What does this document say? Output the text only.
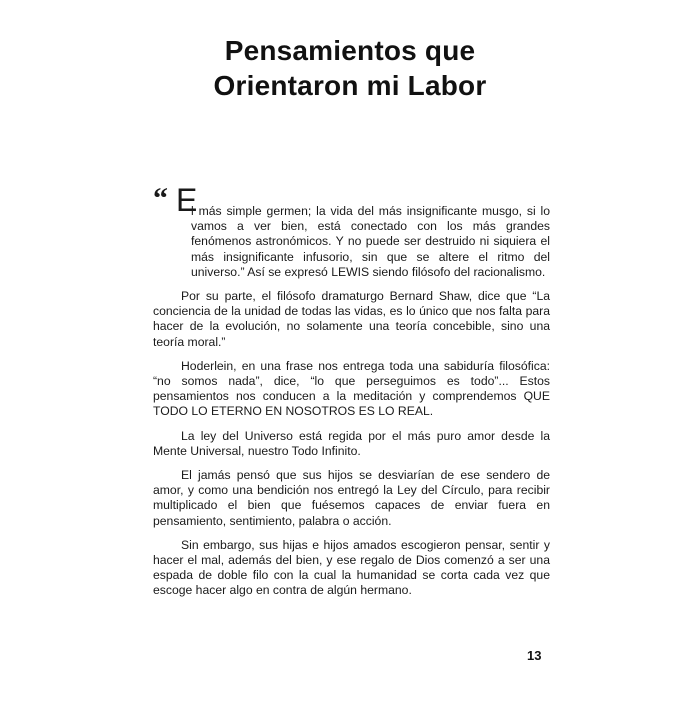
Pensamientos que
Orientaron mi Labor
“ E

l más simple germen; la vida del más insignificante musgo, si lo vamos a ver bien, está conectado con los más grandes fenómenos astronómicos. Y no puede ser destruido ni siquiera el más insignificante infusorio, sin que se altere el ritmo del universo.” Así se expresó LEWIS siendo filósofo del racionalismo.

Por su parte, el filósofo dramaturgo Bernard Shaw, dice que “La conciencia de la unidad de todas las vidas, es lo único que nos falta para hacer de la evolución, no solamente una teoría concebible, sino una teoría moral.”

Hoderlein, en una frase nos entrega toda una sabiduría filosófica: “no somos nada”, dice, “lo que perseguimos es todo”... Estos pensamientos nos conducen a la meditación y comprendemos QUE TODO LO ETERNO EN NOSOTROS ES LO REAL.

La ley del Universo está regida por el más puro amor desde la Mente Universal, nuestro Todo Infinito.

El jamás pensó que sus hijos se desviarían de ese sendero de amor, y como una bendición nos entregó la Ley del Círculo, para recibir multiplicado el bien que fuésemos capaces de enviar fuera en pensamiento, sentimiento, palabra o acción.

Sin embargo, sus hijas e hijos amados escogieron pensar, sentir y hacer el mal, además del bien, y ese regalo de Dios comenzó a ser una espada de doble filo con la cual la humanidad se corta cada vez que escoge hacer algo en contra de algún hermano.

13
